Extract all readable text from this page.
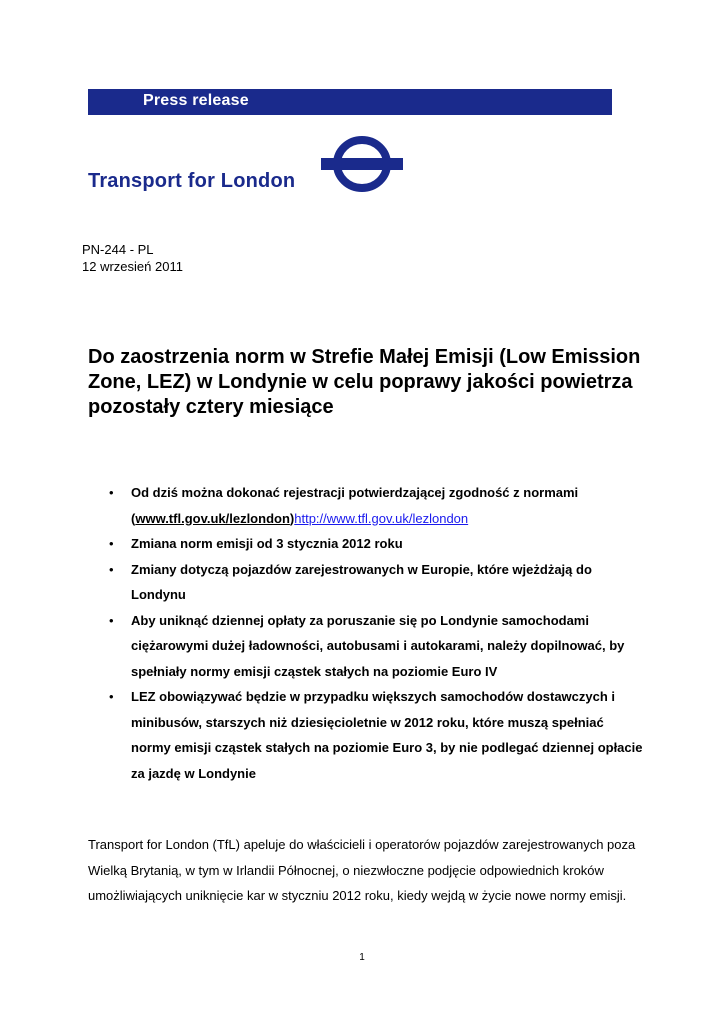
Press release
Transport for London
PN-244 - PL
12 wrzesień 2011
Do zaostrzenia norm w Strefie Małej Emisji (Low Emission Zone, LEZ) w Londynie w celu poprawy jakości powietrza pozostały cztery miesiące
• Od dziś można dokonać rejestracji potwierdzającej zgodność z normami (www.tfl.gov.uk/lezlondon)http://www.tfl.gov.uk/lezlondon
• Zmiana norm emisji od 3 stycznia 2012 roku
• Zmiany dotyczą pojazdów zarejestrowanych w Europie, które wjeżdżają do Londynu
• Aby uniknąć dziennej opłaty za poruszanie się po Londynie samochodami ciężarowymi dużej ładowności, autobusami i autokarami, należy dopilnować, by spełniały normy emisji cząstek stałych na poziomie Euro IV
• LEZ obowiązywać będzie w przypadku większych samochodów dostawczych i minibusów, starszych niż dziesięcioletnie w 2012 roku, które muszą spełniać normy emisji cząstek stałych na poziomie Euro 3, by nie podlegać dziennej opłacie za jazdę w Londynie

Transport for London (TfL) apeluje do właścicieli i operatorów pojazdów zarejestrowanych poza Wielką Brytanią, w tym w Irlandii Północnej, o niezwłoczne podjęcie odpowiednich kroków umożliwiających uniknięcie kar w styczniu 2012 roku, kiedy wejdą w życie nowe normy emisji.

1
